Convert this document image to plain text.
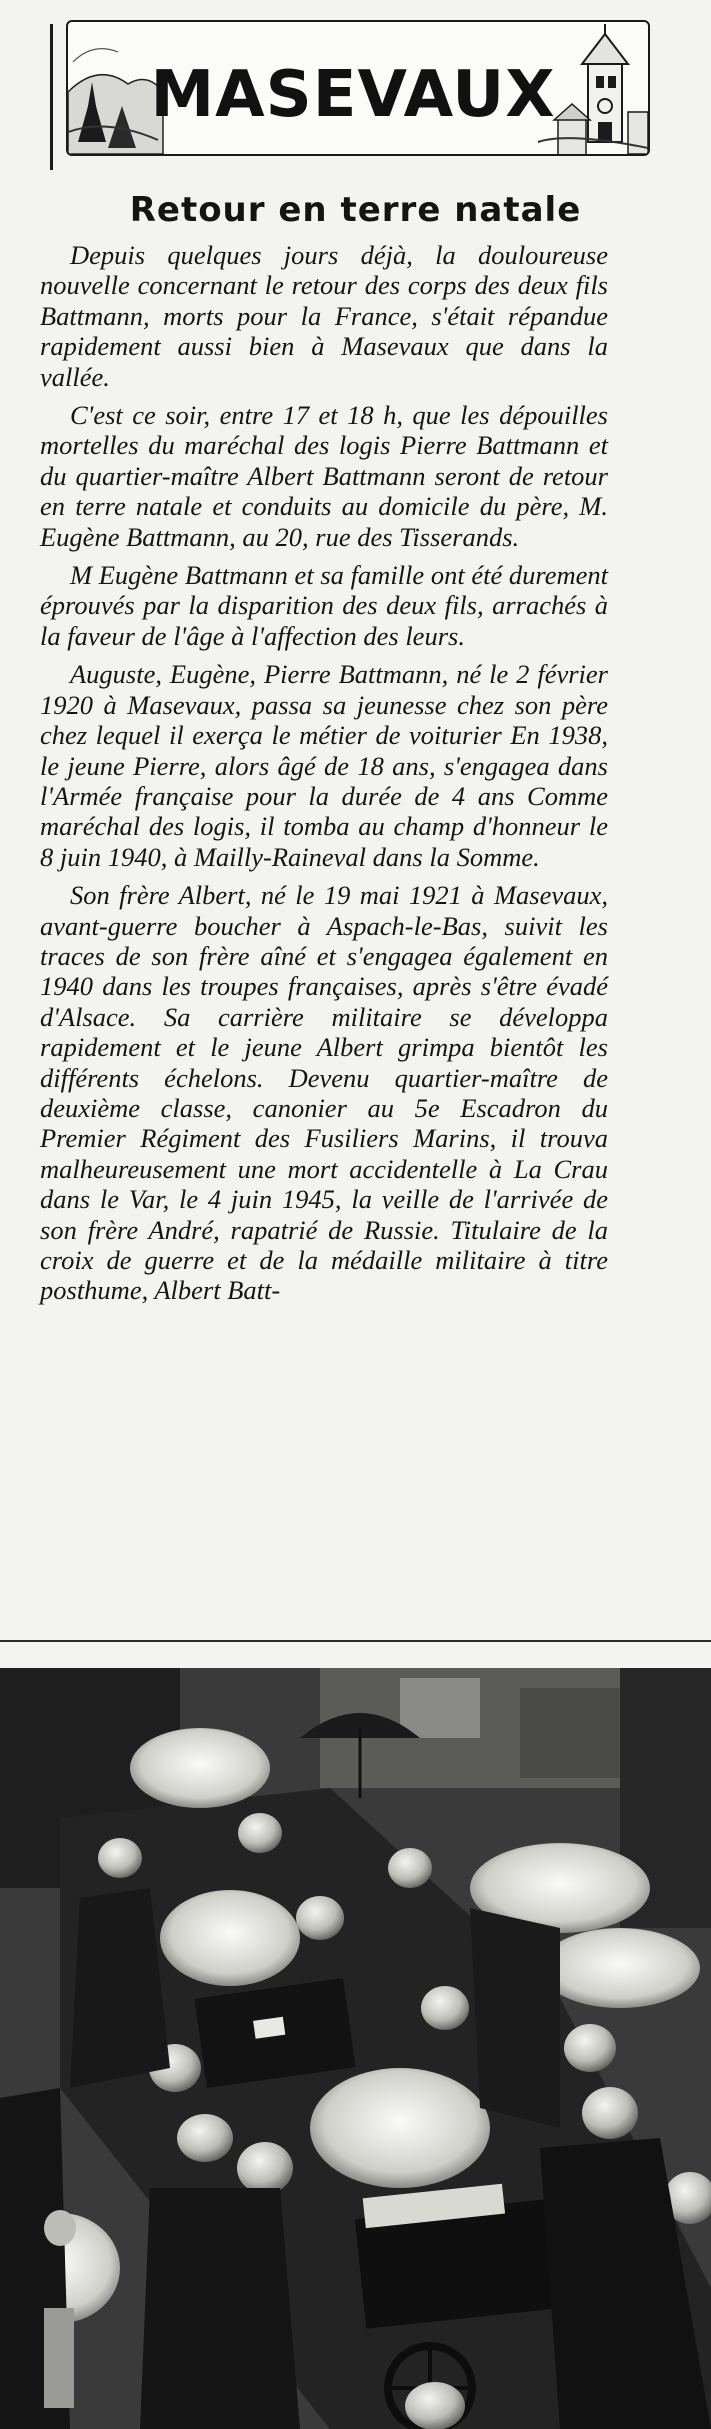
MASEVAUX
Retour en terre natale

Depuis quelques jours déjà, la douloureuse nouvelle concernant le retour des corps des deux fils Battmann, morts pour la France, s'était répandue rapidement aussi bien à Masevaux que dans la vallée.

C'est ce soir, entre 17 et 18 h, que les dépouilles mortelles du maréchal des logis Pierre Battmann et du quartier-maître Albert Battmann seront de retour en terre natale et conduits au domicile du père, M. Eugène Battmann, au 20, rue des Tisserands.

M Eugène Battmann et sa famille ont été durement éprouvés par la disparition des deux fils, arrachés à la faveur de l'âge à l'affection des leurs.

Auguste, Eugène, Pierre Battmann, né le 2 février 1920 à Masevaux, passa sa jeunesse chez son père chez lequel il exerça le métier de voiturier En 1938, le jeune Pierre, alors âgé de 18 ans, s'engagea dans l'Armée française pour la durée de 4 ans Comme maréchal des logis, il tomba au champ d'honneur le 8 juin 1940, à Mailly-Raineval dans la Somme.

Son frère Albert, né le 19 mai 1921 à Masevaux, avant-guerre boucher à Aspach-le-Bas, suivit les traces de son frère aîné et s'engagea également en 1940 dans les troupes françaises, après s'être évadé d'Alsace. Sa carrière militaire se développa rapidement et le jeune Albert grimpa bientôt les différents échelons. Devenu quartier-maître de deuxième classe, canonier au 5e Escadron du Premier Régiment des Fusiliers Marins, il trouva malheureusement une mort accidentelle à La Crau dans le Var, le 4 juin 1945, la veille de l'arrivée de son frère André, rapatrié de Russie. Titulaire de la croix de guerre et de la médaille militaire à titre posthume, Albert Batt-
